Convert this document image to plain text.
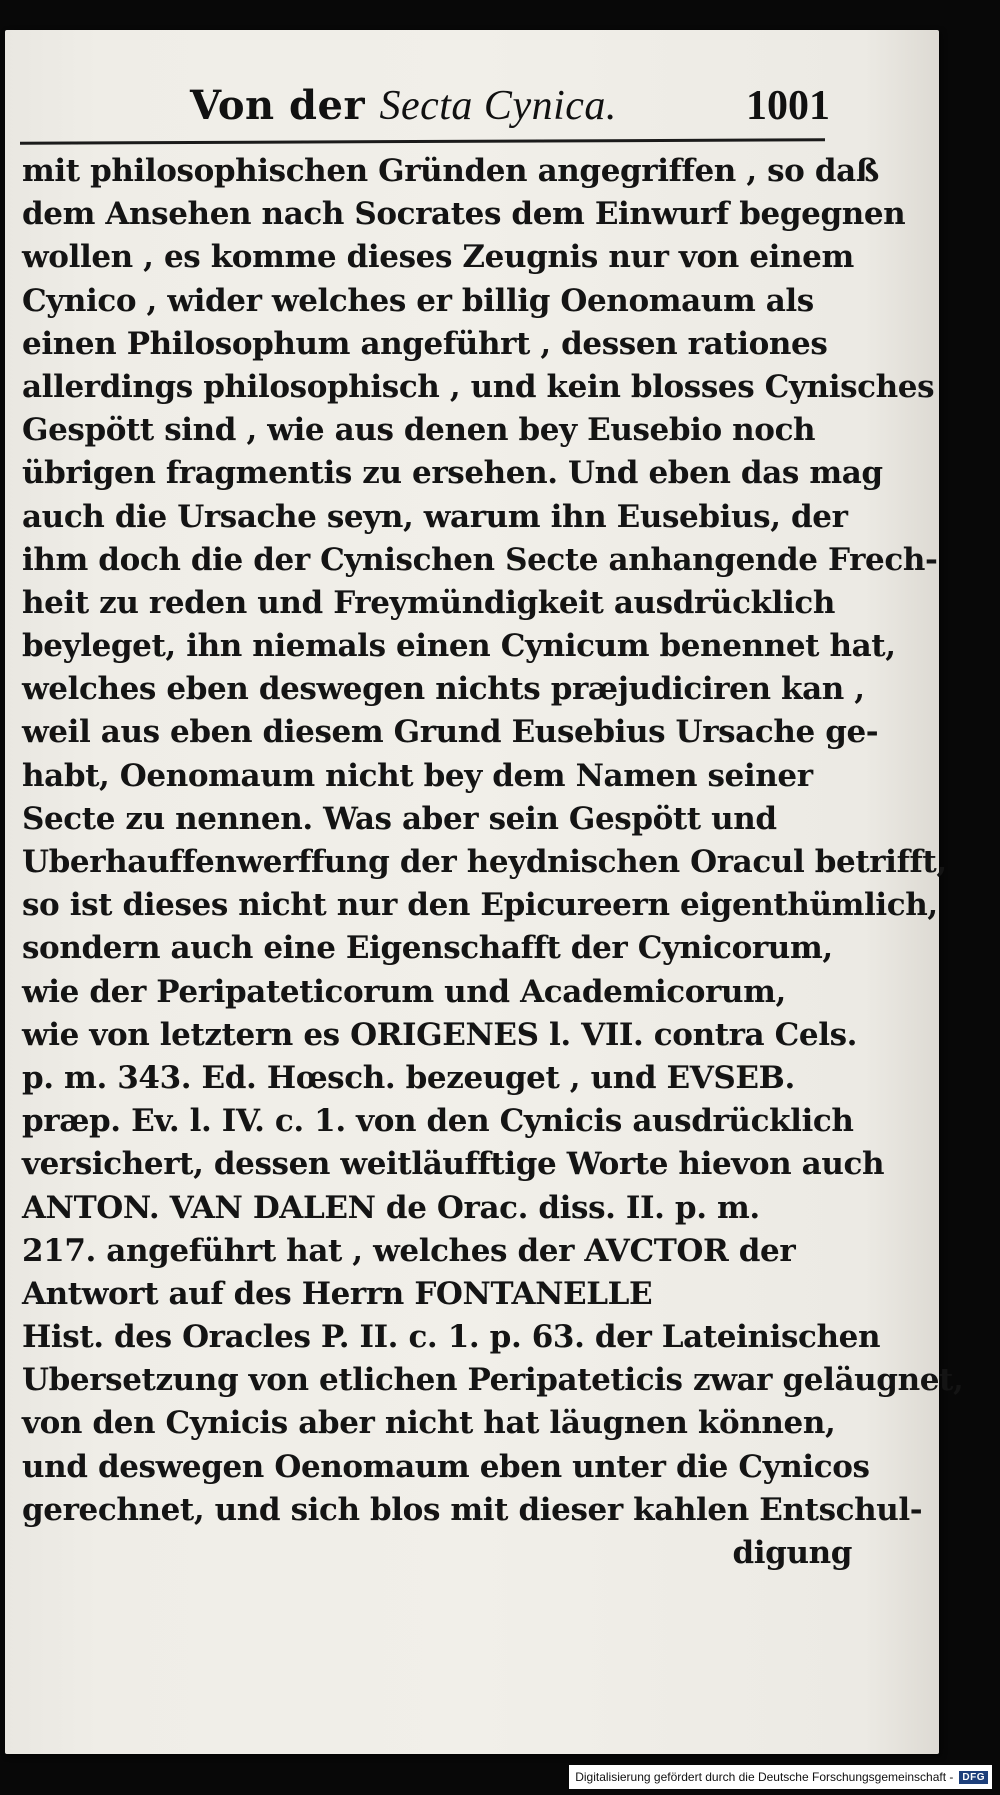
Von der Secta Cynica.	1001
mit philosophischen Gründen angegriffen , so daß
dem Ansehen nach Socrates dem Einwurf begegnen
wollen , es komme dieses Zeugnis nur von einem
Cynico , wider welches er billig Oenomaum als
einen Philosophum angeführt , dessen rationes
allerdings philosophisch , und kein blosses Cynisches
Gespött sind , wie aus denen bey Eusebio noch
übrigen fragmentis zu ersehen. Und eben das mag
auch die Ursache seyn, warum ihn Eusebius, der
ihm doch die der Cynischen Secte anhangende Frech-
heit zu reden und Freymündigkeit ausdrücklich
beyleget, ihn niemals einen Cynicum benennet hat,
welches eben deswegen nichts præjudiciren kan ,
weil aus eben diesem Grund Eusebius Ursache ge-
habt, Oenomaum nicht bey dem Namen seiner
Secte zu nennen. Was aber sein Gespött und
Uberhauffenwerffung der heydnischen Oracul betrifft,
so ist dieses nicht nur den Epicureern eigenthümlich,
sondern auch eine Eigenschafft der Cynicorum,
wie der Peripateticorum und Academicorum,
wie von letztern es ORIGENES l. VII. contra Cels.
p. m. 343. Ed. Hœsch. bezeuget , und EVSEB.
præp. Ev. l. IV. c. 1. von den Cynicis ausdrücklich
versichert, dessen weitläufftige Worte hievon auch
ANTON. VAN DALEN de Orac. diss. II. p. m.
217. angeführt hat , welches der AVCTOR der
Antwort auf des Herrn FONTANELLE
Hist. des Oracles P. II. c. 1. p. 63. der Lateinischen
Ubersetzung von etlichen Peripateticis zwar geläugnet,
von den Cynicis aber nicht hat läugnen können,
und deswegen Oenomaum eben unter die Cynicos
gerechnet, und sich blos mit dieser kahlen Entschul-
digung
Digitalisierung gefördert durch die Deutsche Forschungsgemeinschaft - DFG
